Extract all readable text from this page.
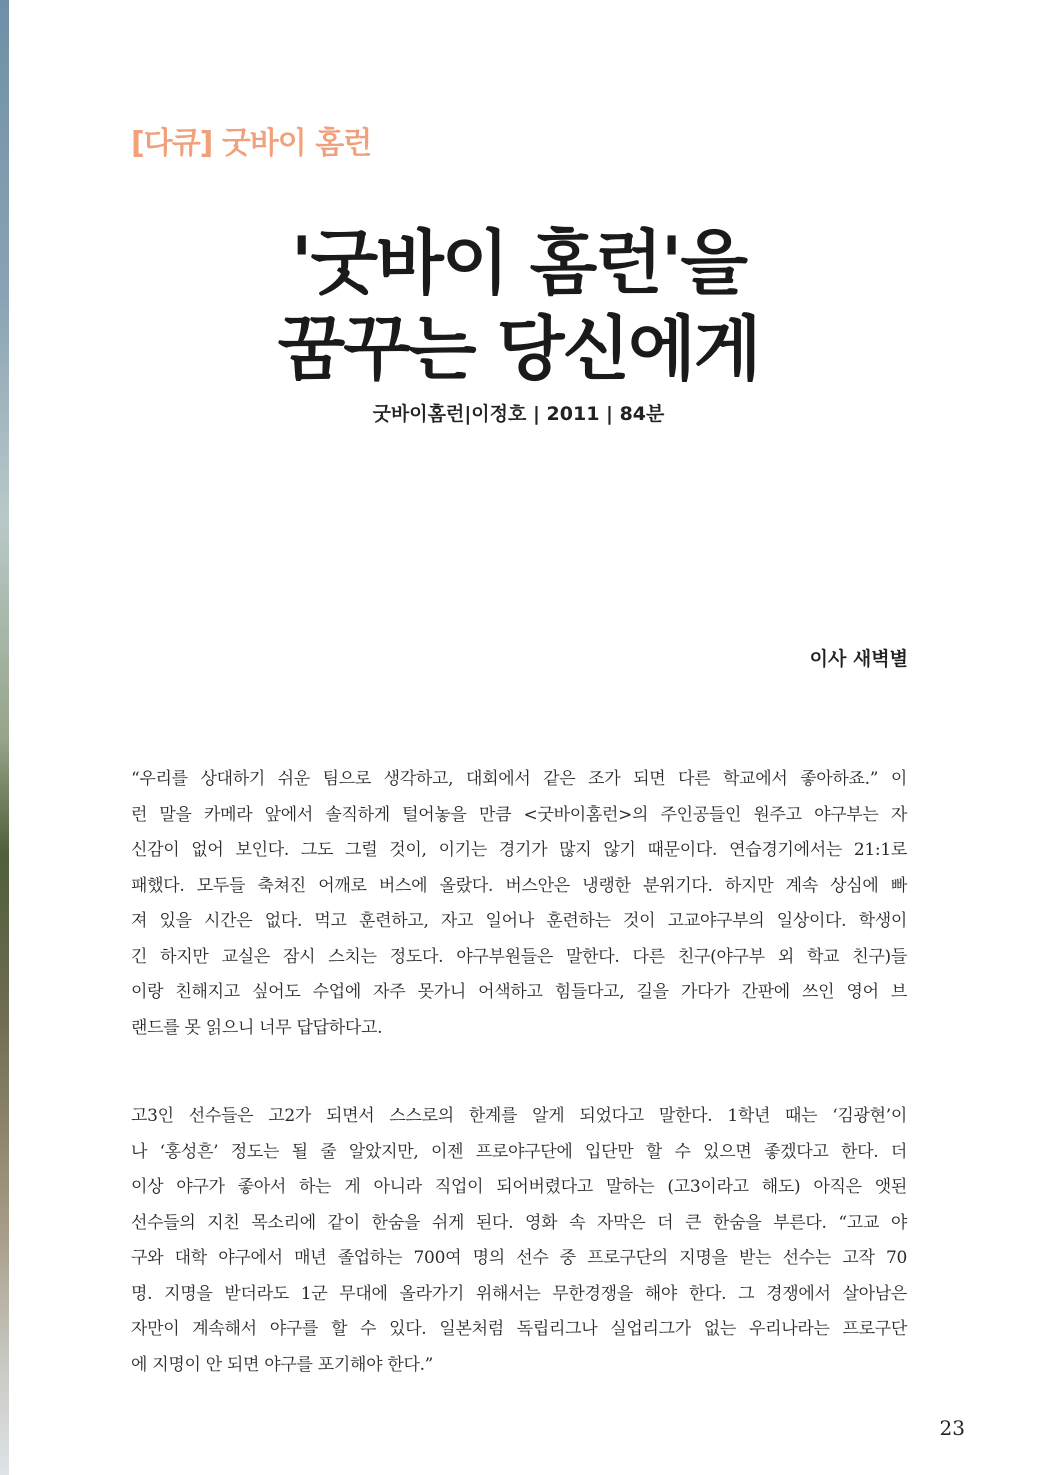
[다큐] 굿바이 홈런
'굿바이 홈런'을
꿈꾸는 당신에게
굿바이홈런|이정호 | 2011 | 84분
이사 새벽별
“우리를 상대하기 쉬운 팀으로 생각하고, 대회에서 같은 조가 되면 다른 학교에서 좋아하죠.” 이
런 말을 카메라 앞에서 솔직하게 털어놓을 만큼 <굿바이홈런>의 주인공들인 원주고 야구부는 자
신감이 없어 보인다. 그도 그럴 것이, 이기는 경기가 많지 않기 때문이다. 연습경기에서는 21:1로
패했다. 모두들 축쳐진 어깨로 버스에 올랐다. 버스안은 냉랭한 분위기다. 하지만 계속 상심에 빠
져 있을 시간은 없다. 먹고 훈련하고, 자고 일어나 훈련하는 것이 고교야구부의 일상이다. 학생이
긴 하지만 교실은 잠시 스치는 정도다. 야구부원들은 말한다. 다른 친구(야구부 외 학교 친구)들
이랑 친해지고 싶어도 수업에 자주 못가니 어색하고 힘들다고, 길을 가다가 간판에 쓰인 영어 브
랜드를 못 읽으니 너무 답답하다고.
고3인 선수들은 고2가 되면서 스스로의 한계를 알게 되었다고 말한다. 1학년 때는 ‘김광현’이
나 ‘홍성흔’ 정도는 될 줄 알았지만, 이젠 프로야구단에 입단만 할 수 있으면 좋겠다고 한다. 더
이상 야구가 좋아서 하는 게 아니라 직업이 되어버렸다고 말하는 (고3이라고 해도) 아직은 앳된
선수들의 지친 목소리에 같이 한숨을 쉬게 된다. 영화 속 자막은 더 큰 한숨을 부른다. “고교 야
구와 대학 야구에서 매년 졸업하는 700여 명의 선수 중 프로구단의 지명을 받는 선수는 고작 70
명. 지명을 받더라도 1군 무대에 올라가기 위해서는 무한경쟁을 해야 한다. 그 경쟁에서 살아남은
자만이 계속해서 야구를 할 수 있다. 일본처럼 독립리그나 실업리그가 없는 우리나라는 프로구단
에 지명이 안 되면 야구를 포기해야 한다.”
23
